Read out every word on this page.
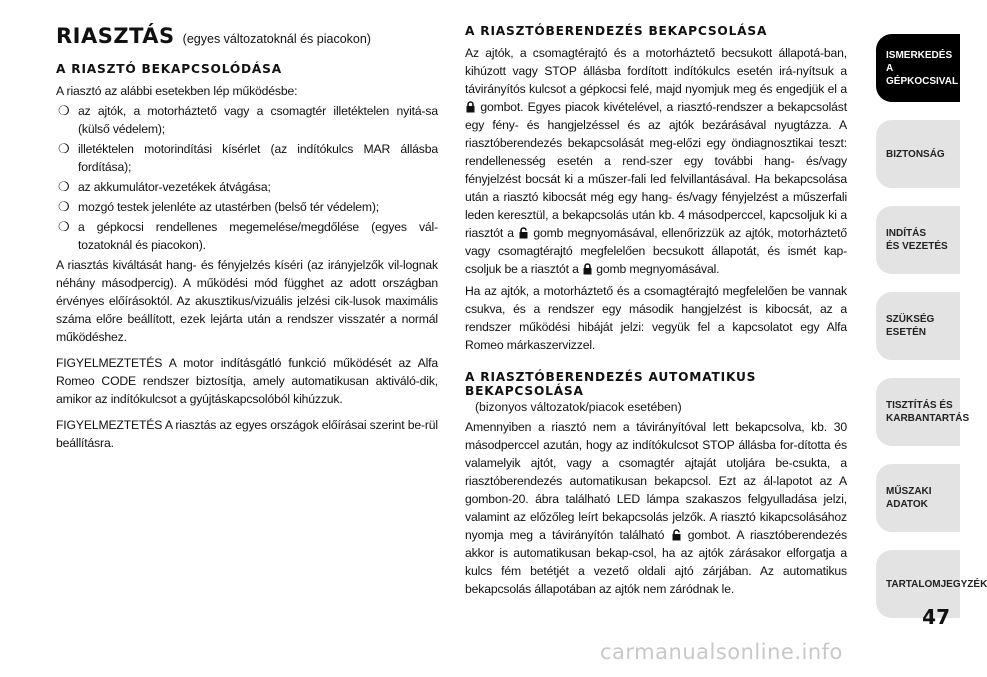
RIASZTÁS (egyes változatoknál és piacokon)
A RIASZTÓ BEKAPCSOLÓDÁSA

A riasztó az alábbi esetekben lép működésbe:

❍ az ajtók, a motorháztető vagy a csomagtér illetéktelen nyitá-sa (külső védelem);
❍ illetéktelen motorindítási kísérlet (az indítókulcs MAR állásba fordítása);
❍ az akkumulátor-vezetékek átvágása;
❍ mozgó testek jelenléte az utastérben (belső tér védelem);
❍ a gépkocsi rendellenes megemelése/megdőlése (egyes vál-tozatoknál és piacokon).

A riasztás kiváltását hang- és fényjelzés kíséri (az irányjelzők vil-lognak néhány másodpercig). A működési mód függhet az adott országban érvényes előírásoktól. Az akusztikus/vizuális jelzési cik-lusok maximális száma előre beállított, ezek lejárta után a rendszer visszatér a normál működéshez.

FIGYELMEZTETÉS A motor indításgátló funkció működését az Alfa Romeo CODE rendszer biztosítja, amely automatikusan aktiváló-dik, amikor az indítókulcsot a gyújtáskapcsolóból kihúzzuk.

FIGYELMEZTETÉS A riasztás az egyes országok előírásai szerint be-rül beállításra.

A RIASZTÓBERENDEZÉS BEKAPCSOLÁSA

Az ajtók, a csomagtérajtó és a motorháztető becsukott állapotá-ban, kihúzott vagy STOP állásba fordított indítókulcs esetén irá-nyítsuk a távirányítós kulcsot a gépkocsi felé, majd nyomjuk meg és engedjük el a  gombot. Egyes piacok kivételével, a riasztó-rendszer a bekapcsolást egy fény- és hangjelzéssel és az ajtók bezárásával nyugtázza. A riasztóberendezés bekapcsolását meg-előzi egy öndiagnosztikai teszt: rendellenesség esetén a rend-szer egy további hang- és/vagy fényjelzést bocsát ki a műszer-fali led felvillantásával. Ha bekapcsolása után a riasztó kibocsát még egy hang- és/vagy fényjelzést a műszerfali leden keresztül, a bekapcsolás után kb. 4 másodperccel, kapcsoljuk ki a riasztót a gomb megnyomásával, ellenőrizzük az ajtók, motorháztető vagy csomagtérajtó megfelelően becsukott állapotát, és ismét kap-csoljuk be a riasztót a gomb megnyomásával.

Ha az ajtók, a motorháztető és a csomagtérajtó megfelelően be vannak csukva, és a rendszer egy második hangjelzést is kibocsát, az a rendszer működési hibáját jelzi: vegyük fel a kapcsolatot egy Alfa Romeo márkaszervizzel.

A RIASZTÓBERENDEZÉS AUTOMATIKUS BEKAPCSOLÁSA

(bizonyos változatok/piacok esetében)

Amennyiben a riasztó nem a távirányítóval lett bekapcsolva, kb. 30 másodperccel azután, hogy az indítókulcsot STOP állásba for-dította és valamelyik ajtót, vagy a csomagtér ajtaját utoljára be-csukta, a riasztóberendezés automatikusan bekapcsol. Ezt az ál-lapotot az A gombon-20. ábra található LED lámpa szakaszos felgyulladása jelzi, valamint az előzőleg leírt bekapcsolás jelzők. A riasztó kikapcsolásához nyomja meg a távirányítón található gombot. A riasztóberendezés akkor is automatikusan bekap-csol, ha az ajtók zárásakor elforgatja a kulcs fém betétjét a vezető oldali ajtó zárjában. Az automatikus bekapcsolás állapotában az ajtók nem záródnak le.

ISMERKEDÉS
A GÉPKOCSIVAL
BIZTONSÁG
INDÍTÁS
ÉS VEZETÉS
SZÜKSÉG
ESETÉN
TISZTÍTÁS ÉS
KARBANTARTÁS
MŰSZAKI
ADATOK
TARTALOMJEGYZÉK
47
carmanualsonline.info
